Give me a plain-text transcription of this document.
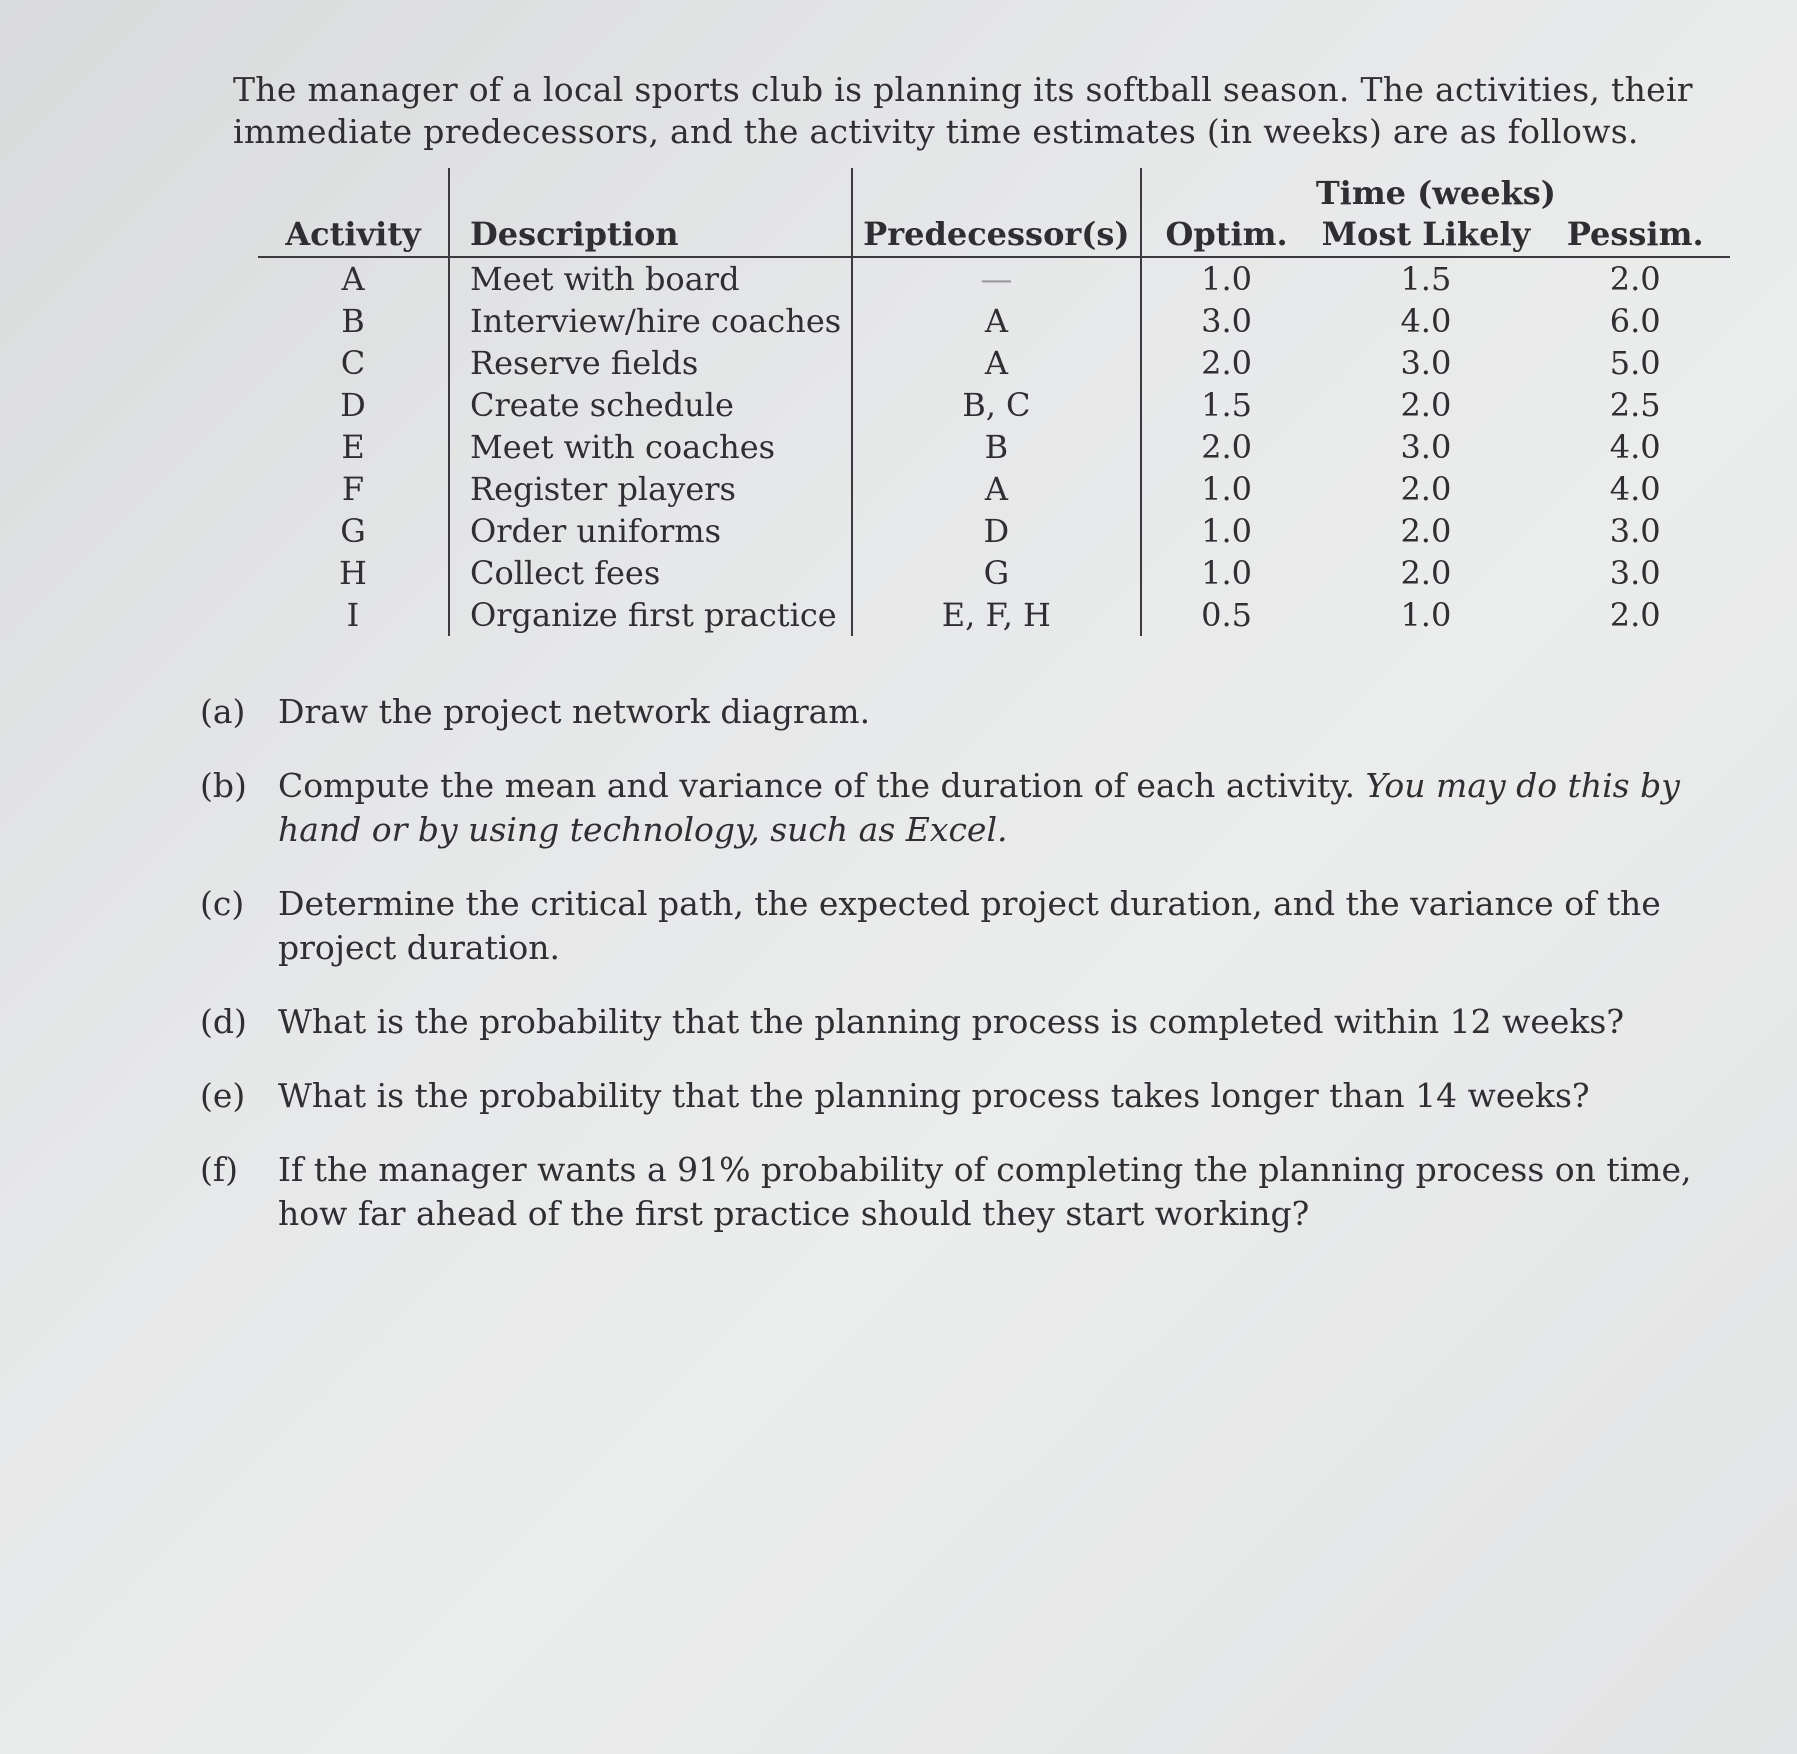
The manager of a local sports club is planning its softball season. The activities, their immediate predecessors, and the activity time estimates (in weeks) are as follows.

			Time (weeks)		
Activity	Description	Predecessor(s)	Optim.	Most Likely	Pessim.
A	Meet with board	—	1.0	1.5	2.0
B	Interview/hire coaches	A	3.0	4.0	6.0
C	Reserve fields	A	2.0	3.0	5.0
D	Create schedule	B, C	1.5	2.0	2.5
E	Meet with coaches	B	2.0	3.0	4.0
F	Register players	A	1.0	2.0	4.0
G	Order uniforms	D	1.0	2.0	3.0
H	Collect fees	G	1.0	2.0	3.0
I	Organize first practice	E, F, H	0.5	1.0	2.0
(a) Draw the project network diagram.
(b) Compute the mean and variance of the duration of each activity. You may do this by hand or by using technology, such as Excel.
(c) Determine the critical path, the expected project duration, and the variance of the project duration.
(d) What is the probability that the planning process is completed within 12 weeks?
(e) What is the probability that the planning process takes longer than 14 weeks?
(f) If the manager wants a 91% probability of completing the planning process on time, how far ahead of the first practice should they start working?
